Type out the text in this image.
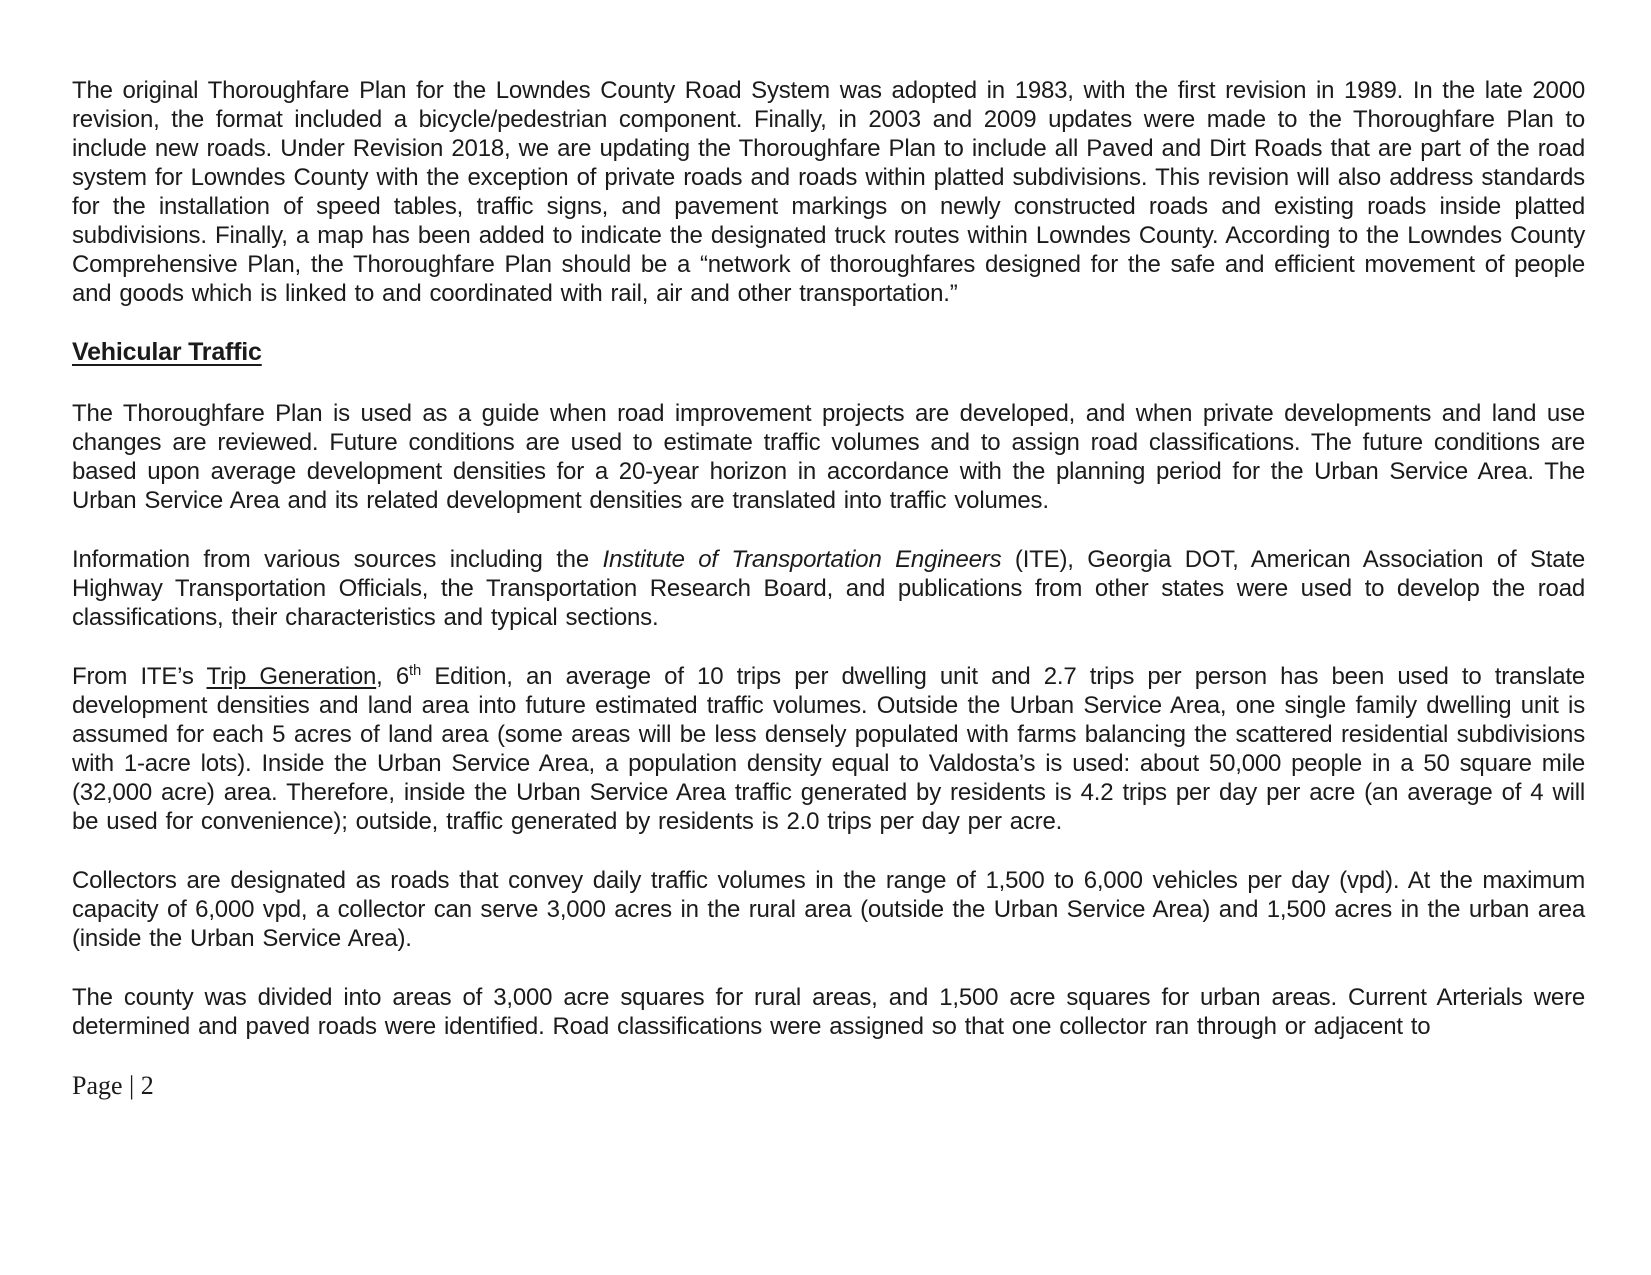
The original Thoroughfare Plan for the Lowndes County Road System was adopted in 1983, with the first revision in 1989. In the late 2000 revision, the format included a bicycle/pedestrian component. Finally, in 2003 and 2009 updates were made to the Thoroughfare Plan to include new roads. Under Revision 2018, we are updating the Thoroughfare Plan to include all Paved and Dirt Roads that are part of the road system for Lowndes County with the exception of private roads and roads within platted subdivisions. This revision will also address standards for the installation of speed tables, traffic signs, and pavement markings on newly constructed roads and existing roads inside platted subdivisions. Finally, a map has been added to indicate the designated truck routes within Lowndes County. According to the Lowndes County Comprehensive Plan, the Thoroughfare Plan should be a “network of thoroughfares designed for the safe and efficient movement of people and goods which is linked to and coordinated with rail, air and other transportation.”

Vehicular Traffic

The Thoroughfare Plan is used as a guide when road improvement projects are developed, and when private developments and land use changes are reviewed. Future conditions are used to estimate traffic volumes and to assign road classifications. The future conditions are based upon average development densities for a 20-year horizon in accordance with the planning period for the Urban Service Area. The Urban Service Area and its related development densities are translated into traffic volumes.

Information from various sources including the Institute of Transportation Engineers (ITE), Georgia DOT, American Association of State Highway Transportation Officials, the Transportation Research Board, and publications from other states were used to develop the road classifications, their characteristics and typical sections.

From ITE’s Trip Generation, 6th Edition, an average of 10 trips per dwelling unit and 2.7 trips per person has been used to translate development densities and land area into future estimated traffic volumes. Outside the Urban Service Area, one single family dwelling unit is assumed for each 5 acres of land area (some areas will be less densely populated with farms balancing the scattered residential subdivisions with 1-acre lots). Inside the Urban Service Area, a population density equal to Valdosta’s is used: about 50,000 people in a 50 square mile (32,000 acre) area. Therefore, inside the Urban Service Area traffic generated by residents is 4.2 trips per day per acre (an average of 4 will be used for convenience); outside, traffic generated by residents is 2.0 trips per day per acre.

Collectors are designated as roads that convey daily traffic volumes in the range of 1,500 to 6,000 vehicles per day (vpd). At the maximum capacity of 6,000 vpd, a collector can serve 3,000 acres in the rural area (outside the Urban Service Area) and 1,500 acres in the urban area (inside the Urban Service Area).

The county was divided into areas of 3,000 acre squares for rural areas, and 1,500 acre squares for urban areas. Current Arterials were determined and paved roads were identified. Road classifications were assigned so that one collector ran through or adjacent to

Page | 2
